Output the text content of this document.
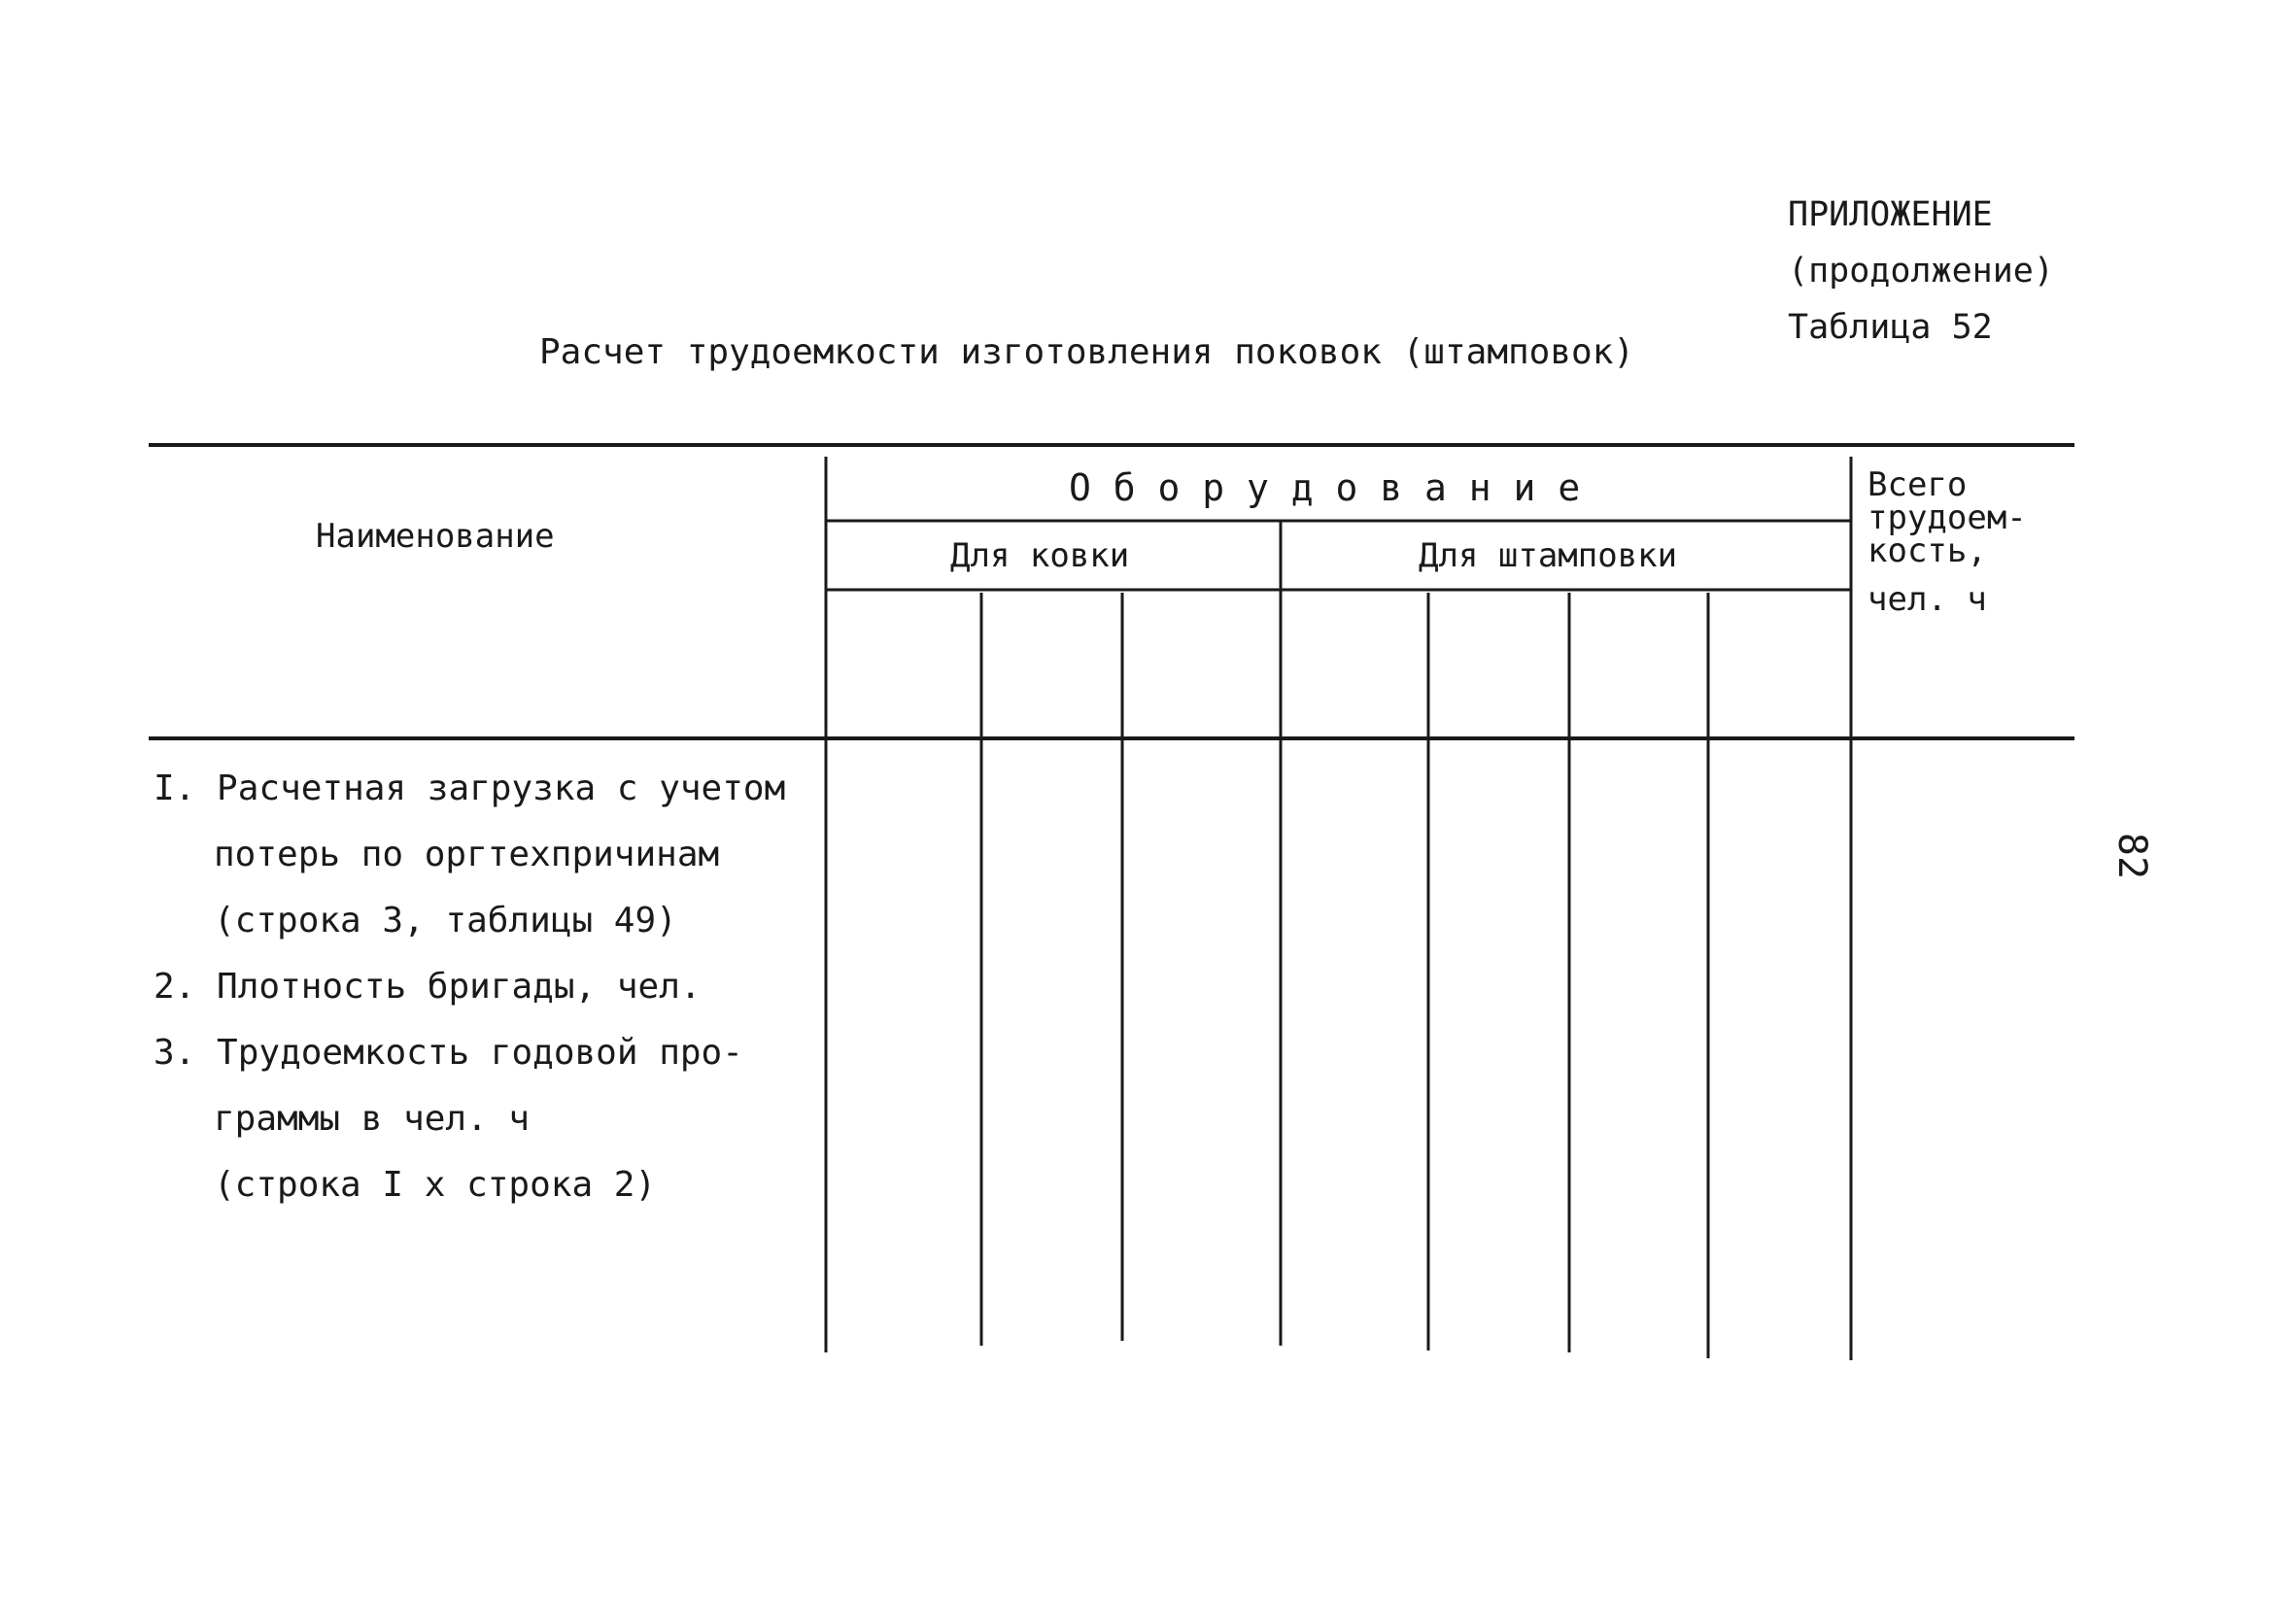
ПРИЛОЖЕНИЕ
(продолжение)
Таблица 52
Расчет трудоемкости изготовления поковок (штамповок)
Наименование
О б о р у д о в а н и е
Для ковки	Для штамповки
Всего
трудоем-
кость,
чел. ч
I. Расчетная загрузка с учетом
потерь по оргтехпричинам
(строка 3, таблицы 49)
2. Плотность бригады, чел.
3. Трудоемкость годовой про-
граммы в чел. ч
(строка I х строка 2)
82
